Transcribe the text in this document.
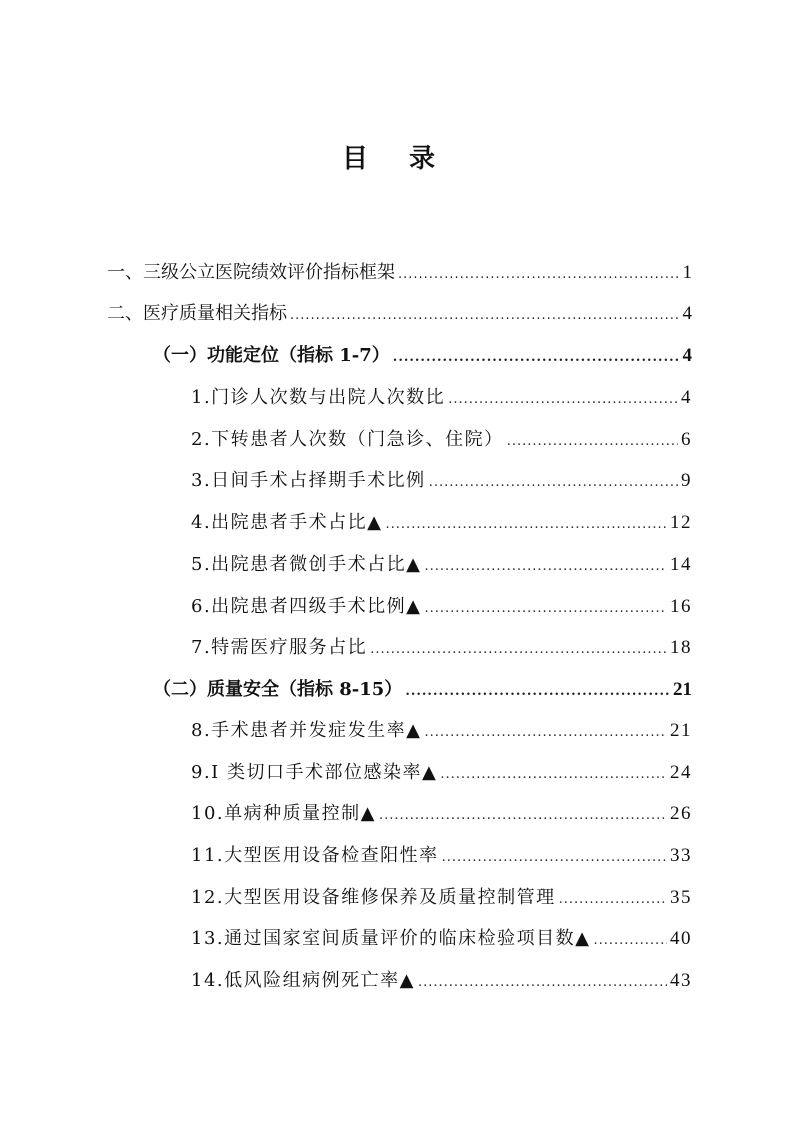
目 录
一、三级公立医院绩效评价指标框架 .....	1
二、医疗质量相关指标 .....	4
（一）功能定位（指标 1-7） .....	4
1.门诊人次数与出院人次数比 .....	4
2.下转患者人次数（门急诊、住院） .....	6
3.日间手术占择期手术比例 .....	9
4.出院患者手术占比▲ .....	12
5.出院患者微创手术占比▲ .....	14
6.出院患者四级手术比例▲ .....	16
7.特需医疗服务占比 .....	18
（二）质量安全（指标 8-15） .....	21
8.手术患者并发症发生率▲ .....	21
9.I 类切口手术部位感染率▲ .....	24
10.单病种质量控制▲ .....	26
11.大型医用设备检查阳性率 .....	33
12.大型医用设备维修保养及质量控制管理 .....	35
13.通过国家室间质量评价的临床检验项目数▲ .....	40
14.低风险组病例死亡率▲ .....	43
